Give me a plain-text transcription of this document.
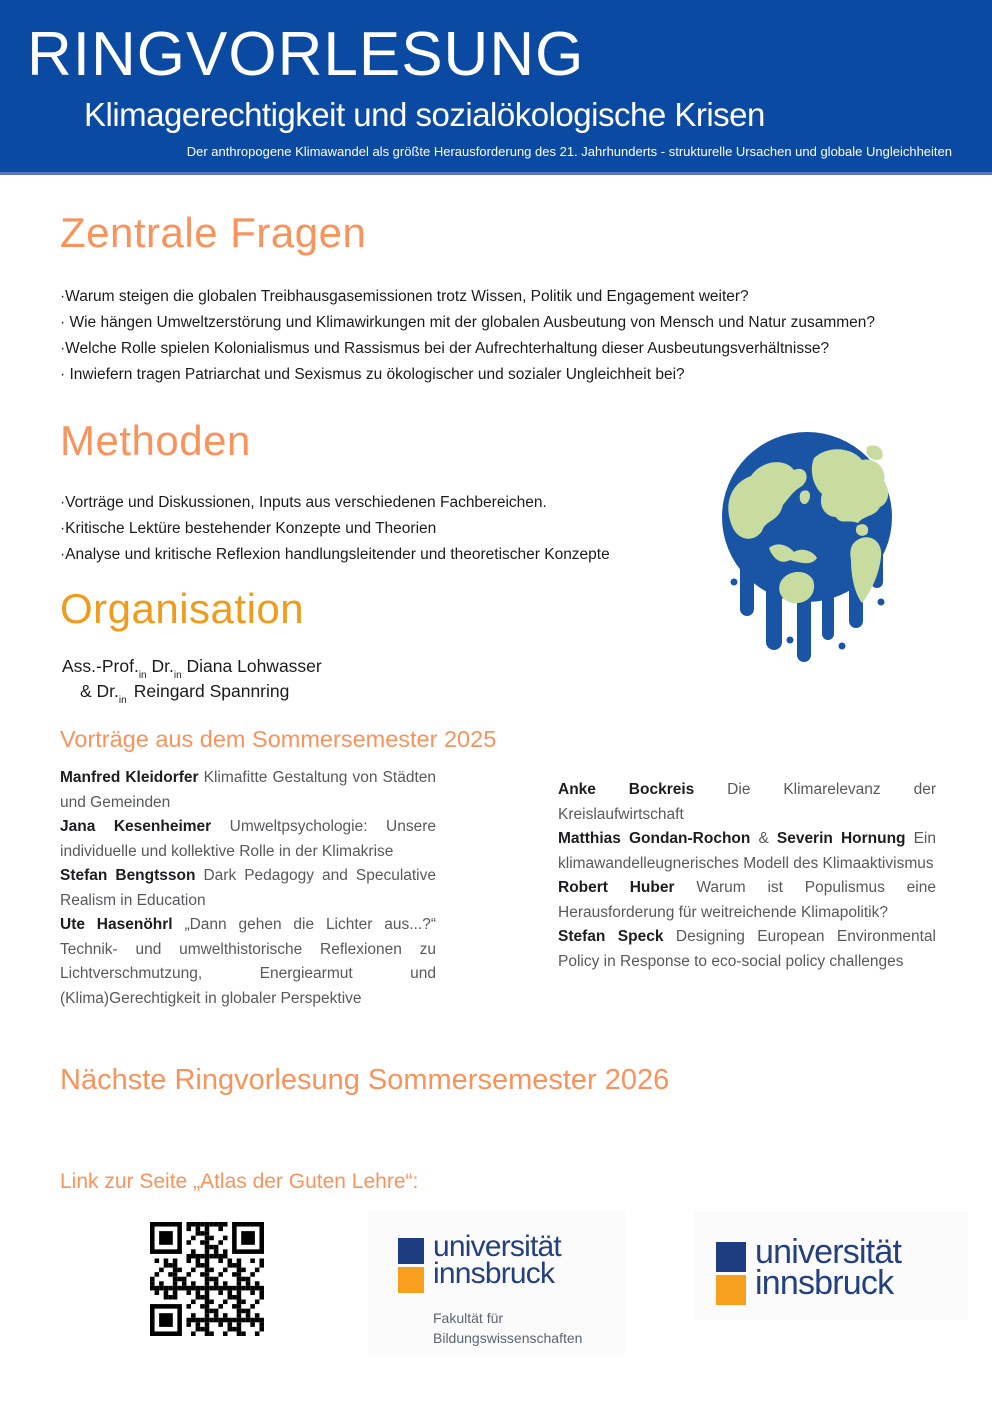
RINGVORLESUNG
Klimagerechtigkeit und sozialökologische Krisen
Der anthropogene Klimawandel als größte Herausforderung des 21. Jahrhunderts - strukturelle Ursachen und globale Ungleichheiten
Zentrale Fragen

·Warum steigen die globalen Treibhausgasemissionen trotz Wissen, Politik und Engagement weiter?

· Wie hängen Umweltzerstörung und Klimawirkungen mit der globalen Ausbeutung von Mensch und Natur zusammen?

·Welche Rolle spielen Kolonialismus und Rassismus bei der Aufrechterhaltung dieser Ausbeutungsverhältnisse?

· Inwiefern tragen Patriarchat und Sexismus zu ökologischer und sozialer Ungleichheit bei?

Methoden

·Vorträge und Diskussionen, Inputs aus verschiedenen Fachbereichen.

·Kritische Lektüre bestehender Konzepte und Theorien

·Analyse und kritische Reflexion handlungsleitender und theoretischer Konzepte

Organisation

$Ass.-Prof._{in}$ $Dr._{in}$ Diana Lohwasser

& $Dr._{in}$ Reingard Spannring

Vorträge aus dem Sommersemester 2025

Manfred Kleidorfer Klimafitte Gestaltung von Städten und Gemeinden

Jana Kesenheimer Umweltpsychologie: Unsere individuelle und kollektive Rolle in der Klimakrise

Stefan Bengtsson Dark Pedagogy and Speculative Realism in Education

Ute Hasenöhrl „Dann gehen die Lichter aus...?“ Technik- und umwelthistorische Reflexionen zu Lichtverschmutzung, Energiearmut und (Klima)Gerechtigkeit in globaler Perspektive

Anke Bockreis Die Klimarelevanz der Kreislaufwirtschaft

Matthias Gondan-Rochon & Severin Hornung Ein klimawandelleugnerisches Modell des Klimaaktivismus

Robert Huber Warum ist Populismus eine Herausforderung für weitreichende Klimapolitik?

Stefan Speck Designing European Environmental Policy in Response to eco-social policy challenges

Nächste Ringvorlesung Sommersemester 2026
Link zur Seite „Atlas der Guten Lehre“:
universität
innsbruck
Fakultät für
Bildungswissenschaften
universität
innsbruck
